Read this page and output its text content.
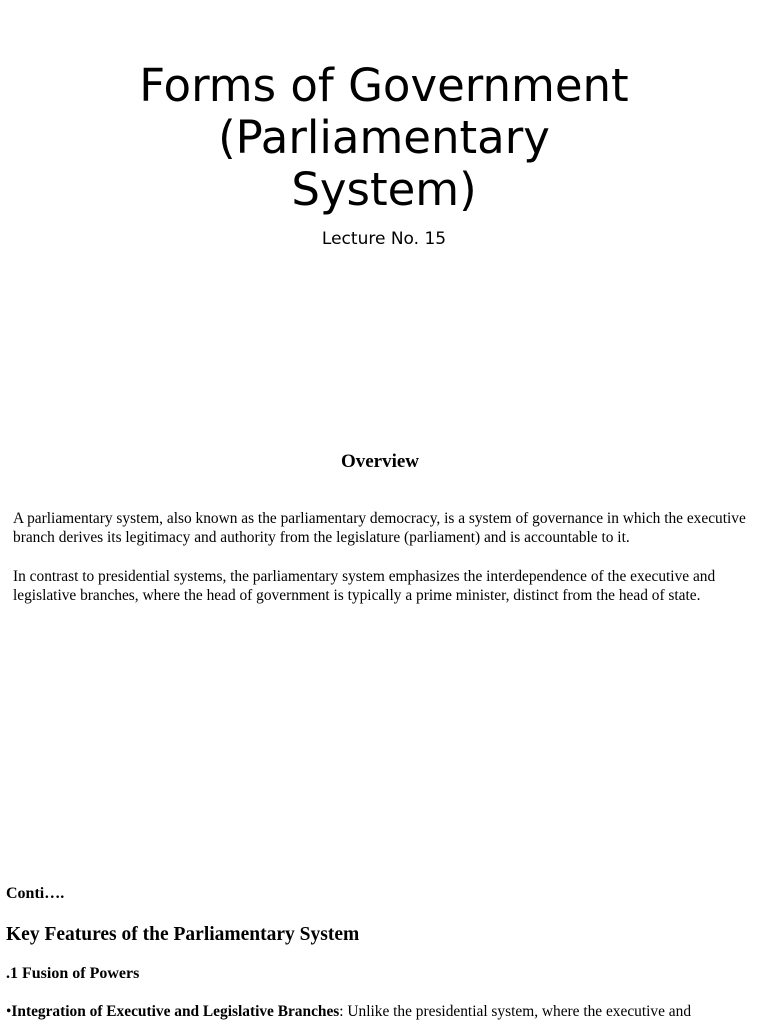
Forms of Government
(Parliamentary
System)
Lecture No. 15
Overview

A parliamentary system, also known as the parliamentary democracy, is a system of governance in which the executive branch derives its legitimacy and authority from the legislature (parliament) and is accountable to it.

In contrast to presidential systems, the parliamentary system emphasizes the interdependence of the executive and legislative branches, where the head of government is typically a prime minister, distinct from the head of state.

Conti….
Key Features of the Parliamentary System
.1 Fusion of Powers
•Integration of Executive and Legislative Branches: Unlike the presidential system, where the executive and
